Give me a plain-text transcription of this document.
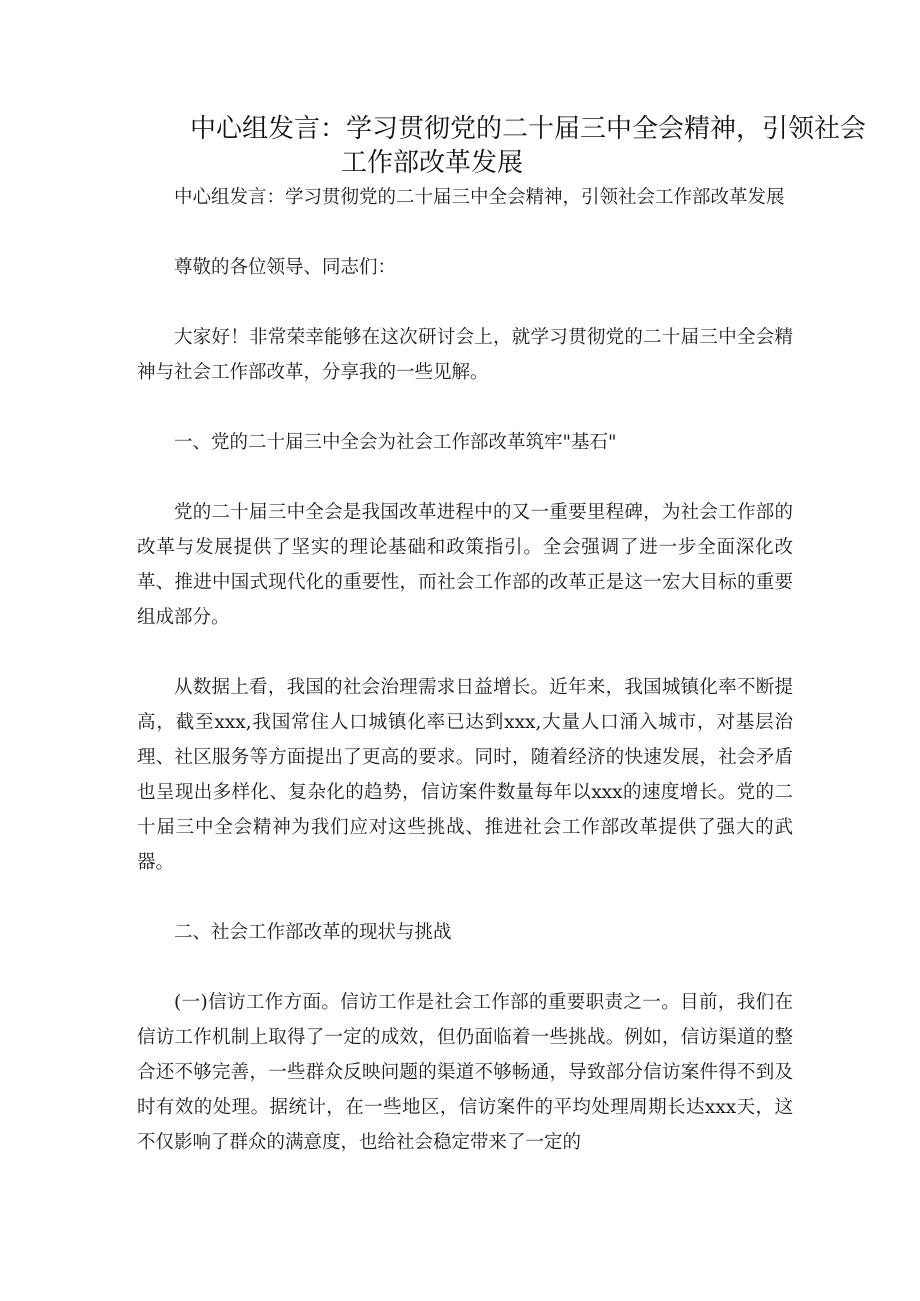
中心组发言：学习贯彻党的二十届三中全会精神，引领社会
工作部改革发展

中心组发言：学习贯彻党的二十届三中全会精神，引领社会工作部改革发展

尊敬的各位领导、同志们：

大家好！非常荣幸能够在这次研讨会上，就学习贯彻党的二十届三中全会精神与社会工作部改革，分享我的一些见解。

一、党的二十届三中全会为社会工作部改革筑牢"基石"

党的二十届三中全会是我国改革进程中的又一重要里程碑，为社会工作部的改革与发展提供了坚实的理论基础和政策指引。全会强调了进一步全面深化改革、推进中国式现代化的重要性，而社会工作部的改革正是这一宏大目标的重要组成部分。

从数据上看，我国的社会治理需求日益增长。近年来，我国城镇化率不断提高，截至xxx,我国常住人口城镇化率已达到xxx,大量人口涌入城市，对基层治理、社区服务等方面提出了更高的要求。同时，随着经济的快速发展，社会矛盾也呈现出多样化、复杂化的趋势，信访案件数量每年以xxx的速度增长。党的二十届三中全会精神为我们应对这些挑战、推进社会工作部改革提供了强大的武器。

二、社会工作部改革的现状与挑战

(一)信访工作方面。信访工作是社会工作部的重要职责之一。目前，我们在信访工作机制上取得了一定的成效，但仍面临着一些挑战。例如，信访渠道的整合还不够完善，一些群众反映问题的渠道不够畅通，导致部分信访案件得不到及时有效的处理。据统计，在一些地区，信访案件的平均处理周期长达xxx天，这不仅影响了群众的满意度，也给社会稳定带来了一定的
